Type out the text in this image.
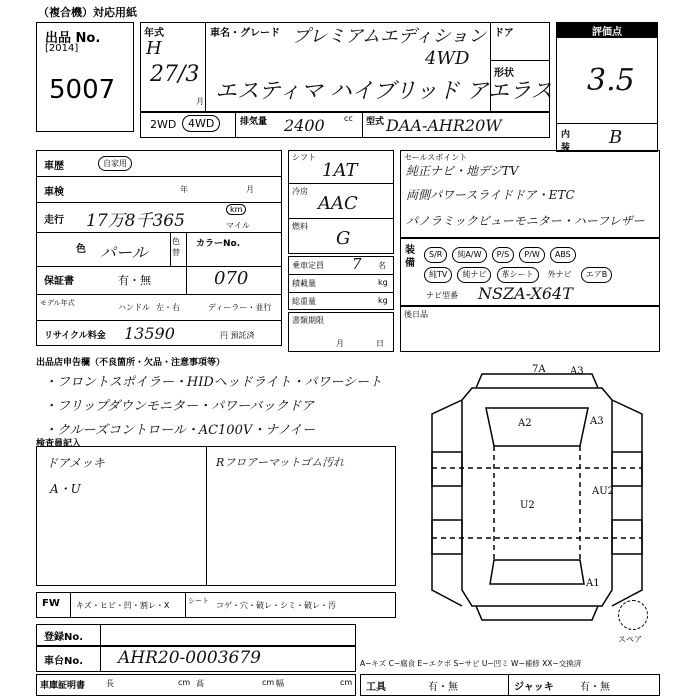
（複合機）対応用紙
出品 No.
[2014]
5007
年式
H
27/3
月
車名・グレード プレミアムエディション
4WD
エスティマ ハイブリッド アエラス
ドア
形状
評価点
3.5
内装 B
2WD	4WD	排気量 2400 cc 型式 DAA-AHR20W
車歴	自家用
車検	年	月
走行 17万8千365
km
マイル
色 パール
色替
カラーNo.
070
保証書	有・無
モデル年式	ハンドル 左・右	ディーラー・並行
リサイクル料金 13590	円 預託済
シフト
1AT
冷房
AAC
燃料
G
乗車定員 7 名
積載量	kg
総重量	kg
書類期限
月	日
セールスポイント
純正ナビ・地デジTV
両側パワースライドドア・ETC
パノラミックビューモニター・ハーフレザー
装備
S/R 純A/W P/S P/W ABS
純TV 純ナビ 革シート 外ナビ エアB
ナビ型番 NSZA-X64T
後日品
出品店申告欄（不良箇所・欠品・注意事項等）
・フロントスポイラー・HIDヘッドライト・パワーシート
・フリップダウンモニター・パワーバックドア
・クルーズコントロール・AC100V・ナノイー
検査員記入
ドアメッキ
A・U
Rフロアーマットゴム汚れ
7A A3
A2	A3
U2
AU2
A1
スペア
FW キズ・ヒビ・凹・割レ・X	シート コゲ・穴・破レ・シミ・破レ・汚
登録No.
車台No. AHR20-0003679	A−キズ C−腐食 E−エクボ S−サビ U−凹ミ W−補修 XX−交換済
車庫証明書	長	cm 高	cm 幅	cm 工具	有・無	ジャッキ	有・無
